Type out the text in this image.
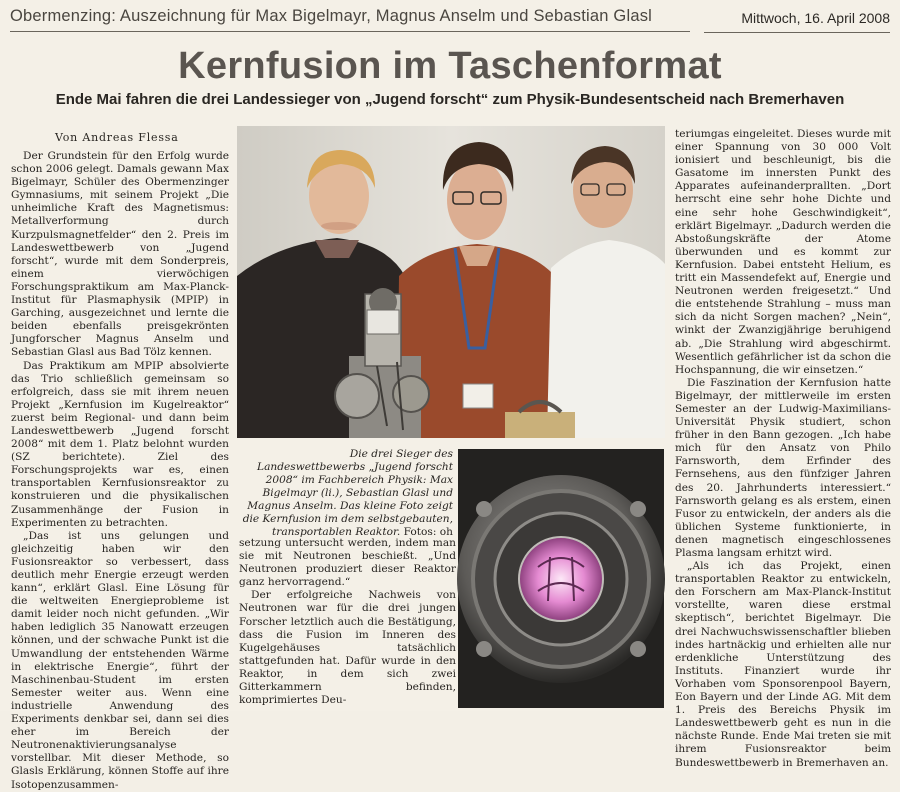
Obermenzing: Auszeichnung für Max Bigelmayr, Magnus Anselm und Sebastian Glasl	Mittwoch, 16. April 2008
Kernfusion im Taschenformat
Ende Mai fahren die drei Landessieger von „Jugend forscht“ zum Physik-Bundesentscheid nach Bremerhaven
Von Andreas Flessa

Der Grundstein für den Erfolg wurde schon 2006 gelegt. Damals gewann Max Bigelmayr, Schüler des Obermenzinger Gymnasiums, mit seinem Projekt „Die unheimliche Kraft des Magnetismus: Metallverformung durch Kurzpulsmagnetfelder“ den 2. Preis im Landeswettbewerb von „Jugend forscht“, wurde mit dem Sonderpreis, einem vierwöchigen Forschungspraktikum am Max-Planck-Institut für Plasmaphysik (MPIP) in Garching, ausgezeichnet und lernte die beiden ebenfalls preisgekrönten Jungforscher Magnus Anselm und Sebastian Glasl aus Bad Tölz kennen.

Das Praktikum am MPIP absolvierte das Trio schließlich gemeinsam so erfolgreich, dass sie mit ihrem neuen Projekt „Kernfusion im Kugelreaktor“ zuerst beim Regional- und dann beim Landeswettbewerb „Jugend forscht 2008“ mit dem 1. Platz belohnt wurden (SZ berichtete). Ziel des Forschungsprojekts war es, einen transportablen Kernfusionsreaktor zu konstruieren und die physikalischen Zusammenhänge der Fusion in Experimenten zu betrachten.

„Das ist uns gelungen und gleichzeitig haben wir den Fusionsreaktor so verbessert, dass deutlich mehr Energie erzeugt werden kann“, erklärt Glasl. Eine Lösung für die weltweiten Energieprobleme ist damit leider noch nicht gefunden. „Wir haben lediglich 35 Nanowatt erzeugen können, und der schwache Punkt ist die Umwandlung der entstehenden Wärme in elektrische Energie“, führt der Maschinenbau-Student im ersten Semester weiter aus. Wenn eine industrielle Anwendung des Experiments denkbar sei, dann sei dies eher im Bereich der Neutronenaktivierungsanalyse vorstellbar. Mit dieser Methode, so Glasls Erklärung, können Stoffe auf ihre Isotopenzusammen-

Die drei Sieger des Landeswettbewerbs „Jugend forscht 2008“ im Fachbereich Physik: Max Bigelmayr (li.), Sebastian Glasl und Magnus Anselm. Das kleine Foto zeigt die Kernfusion im dem selbstgebauten, transportablen Reaktor. Fotos: oh

setzung untersucht werden, indem man sie mit Neutronen beschießt. „Und Neutronen produziert dieser Reaktor ganz hervorragend.“

Der erfolgreiche Nachweis von Neutronen war für die drei jungen Forscher letztlich auch die Bestätigung, dass die Fusion im Inneren des Kugelgehäuses tatsächlich stattgefunden hat. Dafür wurde in den Reaktor, in dem sich zwei Gitterkammern befinden, komprimiertes Deu-

teriumgas eingeleitet. Dieses wurde mit einer Spannung von 30 000 Volt ionisiert und beschleunigt, bis die Gasatome im innersten Punkt des Apparates aufeinanderprallten. „Dort herrscht eine sehr hohe Dichte und eine sehr hohe Geschwindigkeit“, erklärt Bigelmayr. „Dadurch werden die Abstoßungskräfte der Atome überwunden und es kommt zur Kernfusion. Dabei entsteht Helium, es tritt ein Massendefekt auf, Energie und Neutronen werden freigesetzt.“ Und die entstehende Strahlung – muss man sich da nicht Sorgen machen? „Nein“, winkt der Zwanzigjährige beruhigend ab. „Die Strahlung wird abgeschirmt. Wesentlich gefährlicher ist da schon die Hochspannung, die wir einsetzen.“

Die Faszination der Kernfusion hatte Bigelmayr, der mittlerweile im ersten Semester an der Ludwig-Maximilians-Universität Physik studiert, schon früher in den Bann gezogen. „Ich habe mich für den Ansatz von Philo Farnsworth, dem Erfinder des Fernsehens, aus den fünfziger Jahren des 20. Jahrhunderts interessiert.“ Farnsworth gelang es als erstem, einen Fusor zu entwickeln, der anders als die üblichen Systeme funktionierte, in denen magnetisch eingeschlossenes Plasma langsam erhitzt wird.

„Als ich das Projekt, einen transportablen Reaktor zu entwickeln, den Forschern am Max-Planck-Institut vorstellte, waren diese erstmal skeptisch“, berichtet Bigelmayr. Die drei Nachwuchswissenschaftler blieben indes hartnäckig und erhielten alle nur erdenkliche Unterstützung des Instituts. Finanziert wurde ihr Vorhaben vom Sponsorenpool Bayern, Eon Bayern und der Linde AG. Mit dem 1. Preis des Bereichs Physik im Landeswettbewerb geht es nun in die nächste Runde. Ende Mai treten sie mit ihrem Fusionsreaktor beim Bundeswettbewerb in Bremerhaven an.
